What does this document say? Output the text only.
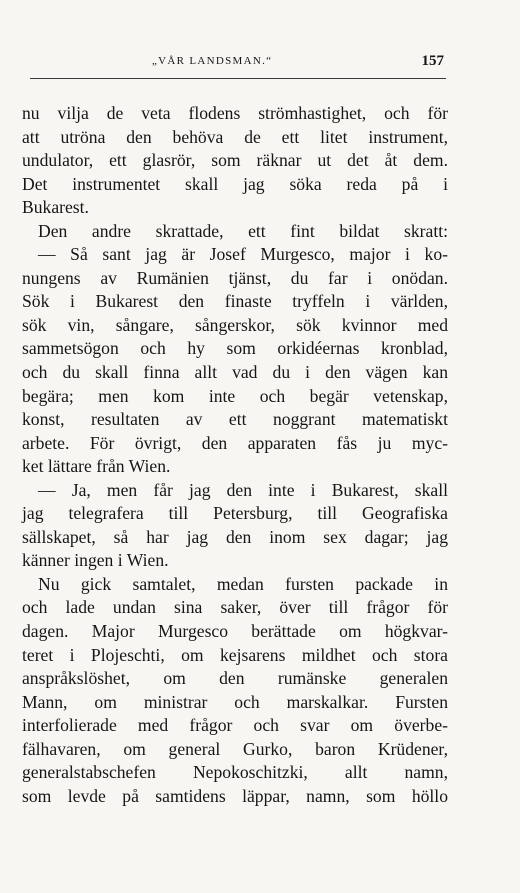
„VÅR LANDSMAN.“	157
nu vilja de veta flodens strömhastighet, och för
att utröna den behöva de ett litet instrument,
undulator, ett glasrör, som räknar ut det åt dem.
Det instrumentet skall jag söka reda på i
Bukarest.
Den andre skrattade, ett fint bildat skratt:
— Så sant jag är Josef Murgesco, major i ko-
nungens av Rumänien tjänst, du far i onödan.
Sök i Bukarest den finaste tryffeln i världen,
sök vin, sångare, sångerskor, sök kvinnor med
sammetsögon och hy som orkidéernas kronblad,
och du skall finna allt vad du i den vägen kan
begära; men kom inte och begär vetenskap,
konst, resultaten av ett noggrant matematiskt
arbete. För övrigt, den apparaten fås ju myc-
ket lättare från Wien.
— Ja, men får jag den inte i Bukarest, skall
jag telegrafera till Petersburg, till Geografiska
sällskapet, så har jag den inom sex dagar; jag
känner ingen i Wien.
Nu gick samtalet, medan fursten packade in
och lade undan sina saker, över till frågor för
dagen. Major Murgesco berättade om högkvar-
teret i Plojeschti, om kejsarens mildhet och stora
anspråkslöshet, om den rumänske generalen
Mann, om ministrar och marskalkar. Fursten
interfolierade med frågor och svar om överbe-
fälhavaren, om general Gurko, baron Krüdener,
generalstabschefen Nepokoschitzki, allt namn,
som levde på samtidens läppar, namn, som höllo
